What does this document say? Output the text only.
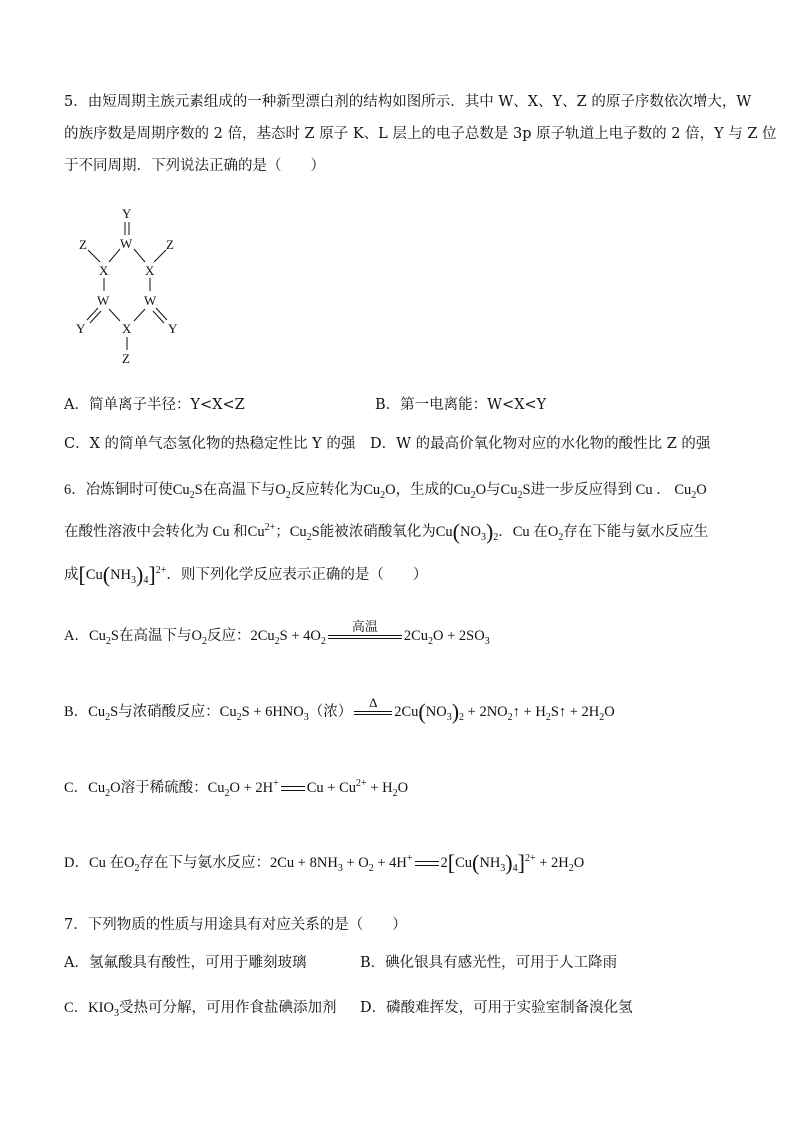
5．由短周期主族元素组成的一种新型漂白剂的结构如图所示．其中 W、X、Y、Z 的原子序数依次增大，W
的族序数是周期序数的 2 倍，基态时 Z 原子 K、L 层上的电子总数是 3p 原子轨道上电子数的 2 倍，Y 与 Z 位
于不同周期．下列说法正确的是（　　）
Y
W
Z	Z
X	X
W	W
Y	Y
X
Z
A．简单离子半径：Y<X<Z	B．第一电离能：W<X<Y
C．X 的简单气态氢化物的热稳定性比 Y 的强 D．W 的最高价氧化物对应的水化物的酸性比 Z 的强
6．冶炼铜时可使$Cu_2S$在高温下与$O_2$反应转化为$Cu_2O$，生成的$Cu_2O$与$Cu_2S$进一步反应得到 Cu ． $Cu_2O$
在酸性溶液中会转化为 Cu 和$Cu^{2+}$；$Cu_2S$能被浓硝酸氧化为$Cu(NO_3)_2$．Cu 在$O_2$存在下能与氨水反应生
成$[Cu(NH_3)_4]^{2+}$．则下列化学反应表示正确的是（　　）
A．$Cu_2S$在高温下与$O_2$反应：$2Cu_2S + 4O_2$
高温
$2Cu_2O + 2SO_3$
B．$Cu_2S$与浓硝酸反应：$Cu_2S + 6HNO_3$（浓）
Δ
$2Cu(NO_3)_2$ + $2NO_2↑$ + $H_2S↑ + 2H_2O$
C．$Cu_2O$溶于稀硫酸：$Cu_2O + 2H^+$ $Cu + Cu^{2+} + H_2O$
D．Cu 在$O_2$存在下与氨水反应：$2Cu + 8NH_3 + O_2 + 4H^+$ $2[Cu(NH_3)_4]^{2+} + 2H_2O$
7．下列物质的性质与用途具有对应关系的是（　　）
A．氢氟酸具有酸性，可用于雕刻玻璃	B．碘化银具有感光性，可用于人工降雨
C．$KIO_3$受热可分解，可用作食盐碘添加剂 D．磷酸难挥发，可用于实验室制备溴化氢
